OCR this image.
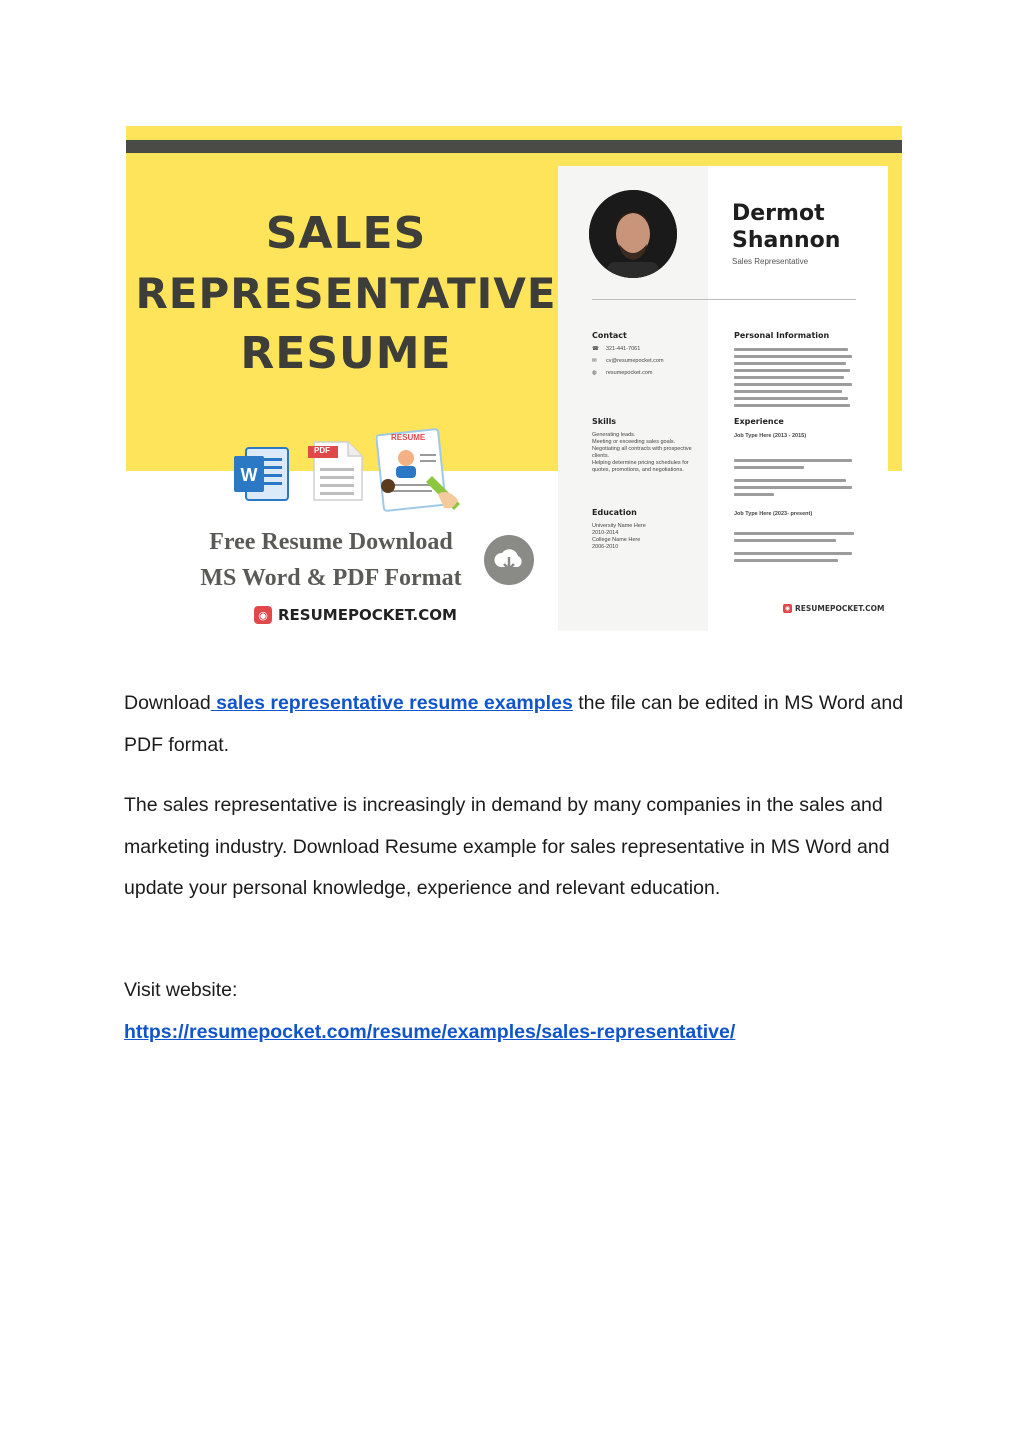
SALES
REPRESENTATIVE
RESUME
W
PDF
RESUME
Free Resume Download
MS Word & PDF Format
◉ RESUMEPOCKET.COM
Dermot
Shannon
Sales Representative
Contact
☎ 321-441-7061
✉ cv@resumepocket.com
◍ resumepocket.com
Skills
Generating leads.
Meeting or exceeding sales goals.
Negotiating all contracts with prospective
clients.
Helping determine pricing schedules for
quotes, promotions, and negotiations.
Education
University Name Here
2010-2014
College Name Here
2006-2010
Personal Information
Experience
Job Type Here (2013 - 2015)
Job Type Here (2023- present)
◉ RESUMEPOCKET.COM
Download sales representative resume examples the file can be edited in MS Word and PDF format.
The sales representative is increasingly in demand by many companies in the sales and marketing industry. Download Resume example for sales representative in MS Word and update your personal knowledge, experience and relevant education.
Visit website:
https://resumepocket.com/resume/examples/sales-representative/
